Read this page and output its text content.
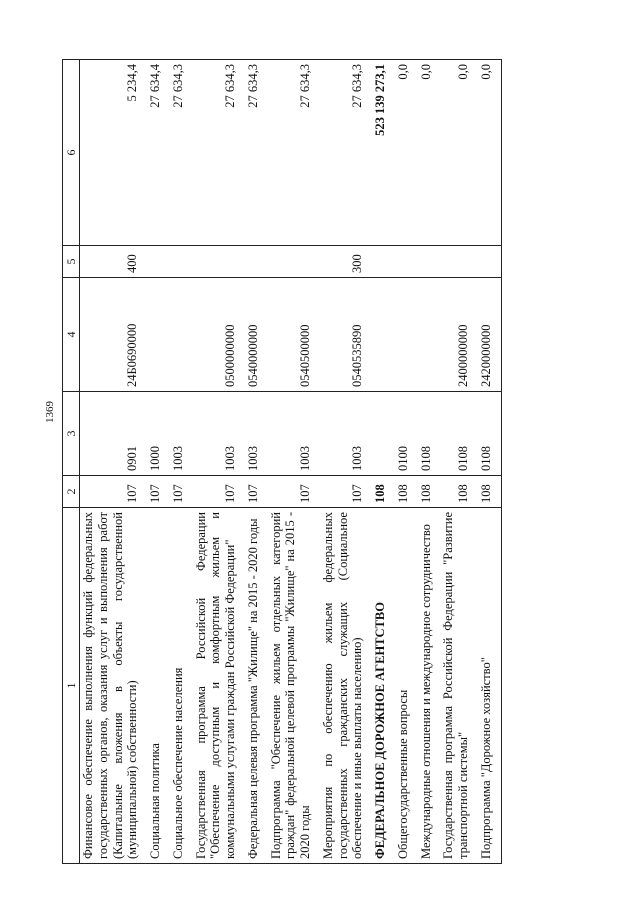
1369
1	2	3	4	5	6
Финансовое обеспечение выполнения функций федеральных государственных органов, оказания услуг и выполнения работ (Капитальные вложения в объекты государственной (муниципальной) собственности)	107	0901	24Б0690000	400	5 234,4
Социальная политика	107	1000			27 634,4
Социальное обеспечение населения	107	1003			27 634,3
Государственная программа Российской Федерации "Обеспечение доступным и комфортным жильем и коммунальными услугами граждан Российской Федерации"	107	1003	0500000000		27 634,3
Федеральная целевая программа "Жилище" на 2015 - 2020 годы	107	1003	0540000000		27 634,3
Подпрограмма "Обеспечение жильем отдельных категорий граждан" федеральной целевой программы "Жилище" на 2015 - 2020 годы	107	1003	0540500000		27 634,3
Мероприятия по обеспечению жильем федеральных государственных гражданских служащих (Социальное обеспечение и иные выплаты населению)	107	1003	0540535890	300	27 634,3
ФЕДЕРАЛЬНОЕ ДОРОЖНОЕ АГЕНТСТВО	108				523 139 273,1
Общегосударственные вопросы	108	0100			0,0
Международные отношения и международное сотрудничество	108	0108			0,0
Государственная программа Российской Федерации "Развитие транспортной системы"	108	0108	2400000000		0,0
Подпрограмма "Дорожное хозяйство"	108	0108	2420000000		0,0
